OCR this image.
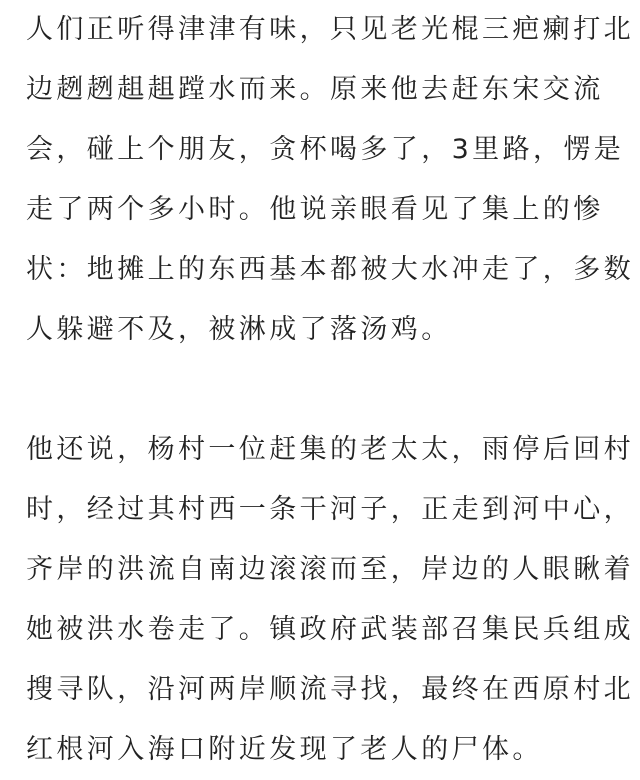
人们正听得津津有味，只见老光棍三疤瘌打北
边趔趔趄趄蹚水而来。原来他去赶东宋交流
会，碰上个朋友，贪杯喝多了，3里路，愣是
走了两个多小时。他说亲眼看见了集上的惨
状：地摊上的东西基本都被大水冲走了，多数
人躲避不及，被淋成了落汤鸡。
他还说，杨村一位赶集的老太太，雨停后回村
时，经过其村西一条干河子，正走到河中心，
齐岸的洪流自南边滚滚而至，岸边的人眼瞅着
她被洪水卷走了。镇政府武装部召集民兵组成
搜寻队，沿河两岸顺流寻找，最终在西原村北
红根河入海口附近发现了老人的尸体。
